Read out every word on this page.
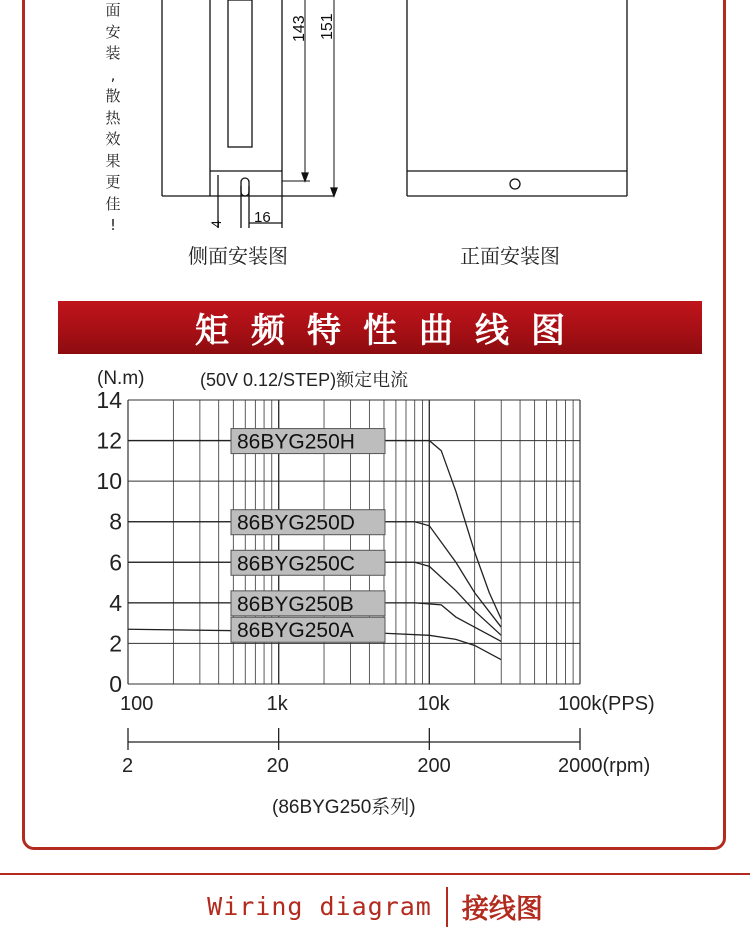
面
安
装
,
散
热
效
果
更
佳
!
143 151
4 16
侧面安装图	正面安装图
矩频特性曲线图
(N.m)	(50V 0.12/STEP)额定电流
86BYG250H
86BYG250D
86BYG250C
86BYG250B
86BYG250A
0
2
4
6
8
10
12
14
100	1k	10k	100k(PPS)
2	20	200	2000(rpm)
(86BYG250系列)
Wiring diagram 接线图
